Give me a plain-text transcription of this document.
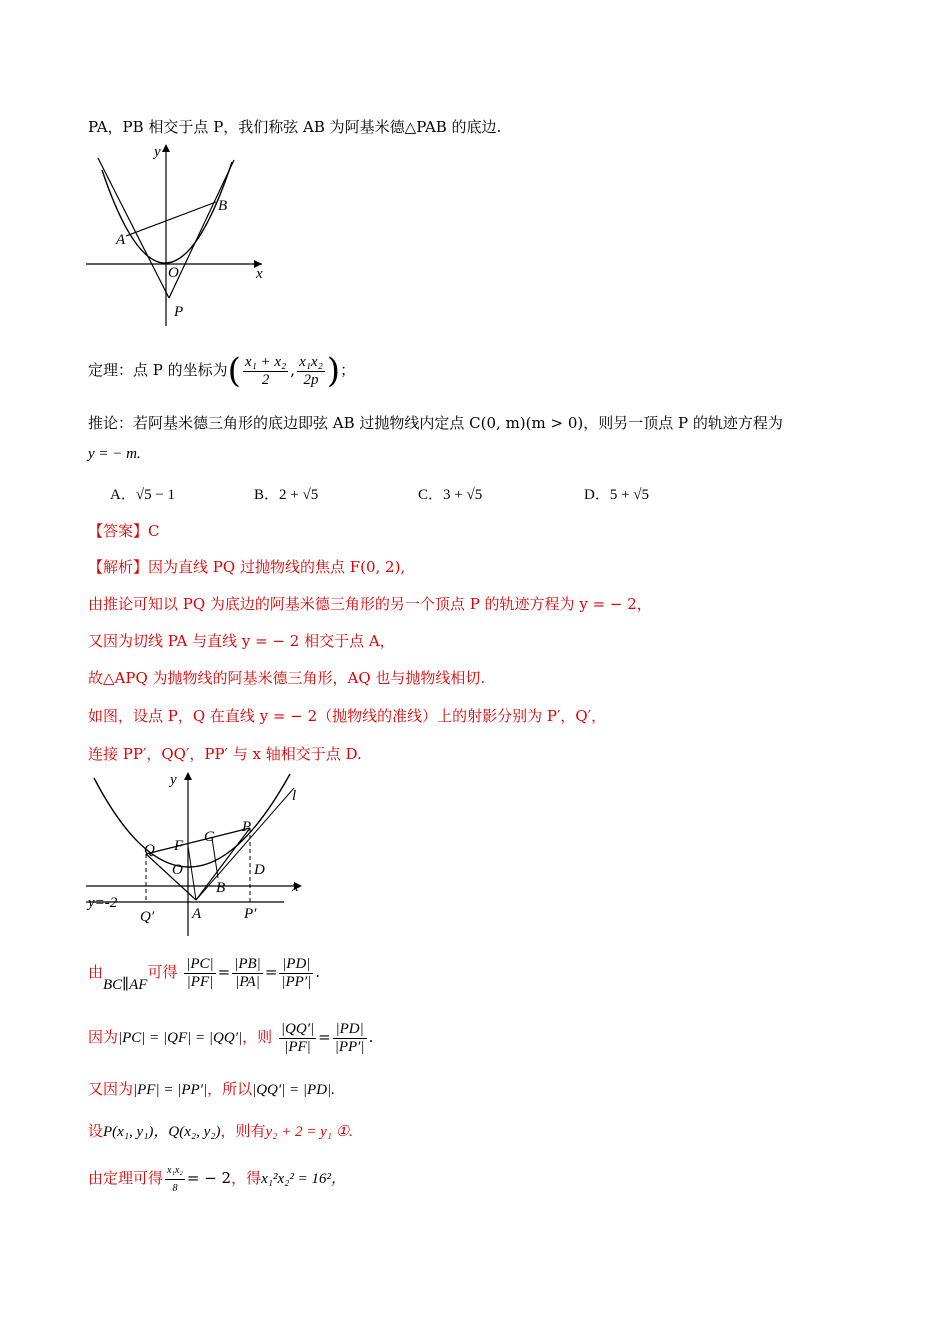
PA，PB 相交于点 P，我们称弦 AB 为阿基米德△PAB 的底边.
y
x
O
A
B
P
定理：点 P 的坐标为( $\frac{\text{x₁ + x₂}}{2}$ , $\frac{\text{x₁x₂}}{2p}$ )；
推论：若阿基米德三角形的底边即弦 AB 过抛物线内定点 C(0, m)(m > 0)，则另一顶点 P 的轨迹方程为
y = − m.
A．√5 − 1	B．2 + √5	C．3 + √5	D．5 + √5
【答案】C
【解析】因为直线 PQ 过抛物线的焦点 F(0, 2),
由推论可知以 PQ 为底边的阿基米德三角形的另一个顶点 P 的轨迹方程为 y = − 2，
又因为切线 PA 与直线 y = − 2 相交于点 A，
故△APQ 为抛物线的阿基米德三角形，AQ 也与抛物线相切.
如图，设点 P，Q 在直线 y = − 2（抛物线的准线）上的射影分别为 P′，Q′，
连接 PP′，QQ′，PP′ 与 x 轴相交于点 D.
y
x
l
Q F
C
P
O	D
B
A
Q′	P′
y=-2
由BC∥AF可得 $\frac{|PC|}{|PF|} = \frac{|PB|}{|PA|} = \frac{|PD|}{|PP'|}$ .
因为|PC| = |QF| = |QQ′|，则 $\frac{|QQ'|}{|PF|} = \frac{|PD|}{|PP'|}$ .
又因为|PF| = |PP′|，所以|QQ′| = |PD|.
设P(x₁, y₁)，Q(x₂, y₂)，则有y₂ + 2 = y₁ ①.
由定理可得 $\frac{\text{x₁x₂}}{8}$ = − 2，得x₁²x₂² = 16²，
